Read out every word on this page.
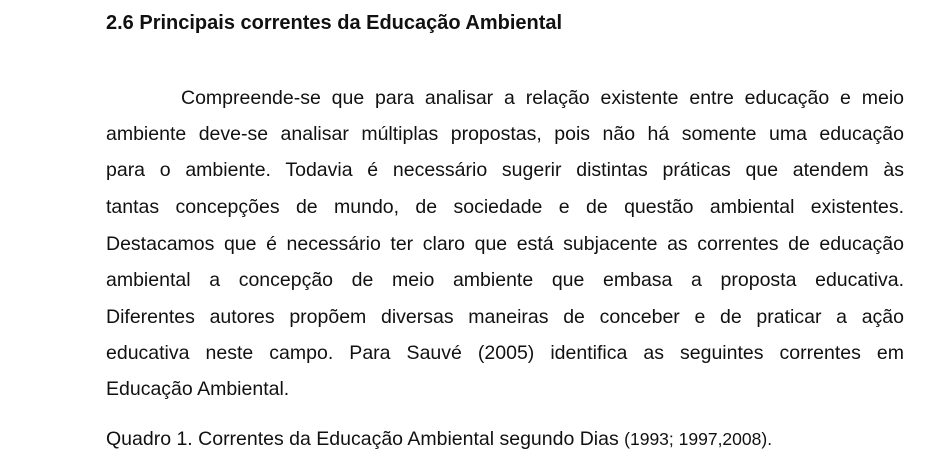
2.6 Principais correntes da Educação Ambiental
Compreende-se que para analisar a relação existente entre educação e meio
ambiente deve-se analisar múltiplas propostas, pois não há somente uma educação
para o ambiente. Todavia é necessário sugerir distintas práticas que atendem às
tantas concepções de mundo, de sociedade e de questão ambiental existentes.
Destacamos que é necessário ter claro que está subjacente as correntes de educação
ambiental a concepção de meio ambiente que embasa a proposta educativa.
Diferentes autores propõem diversas maneiras de conceber e de praticar a ação
educativa neste campo. Para Sauvé (2005) identifica as seguintes correntes em
Educação Ambiental.
Quadro 1. Correntes da Educação Ambiental segundo Dias (1993; 1997,2008).
